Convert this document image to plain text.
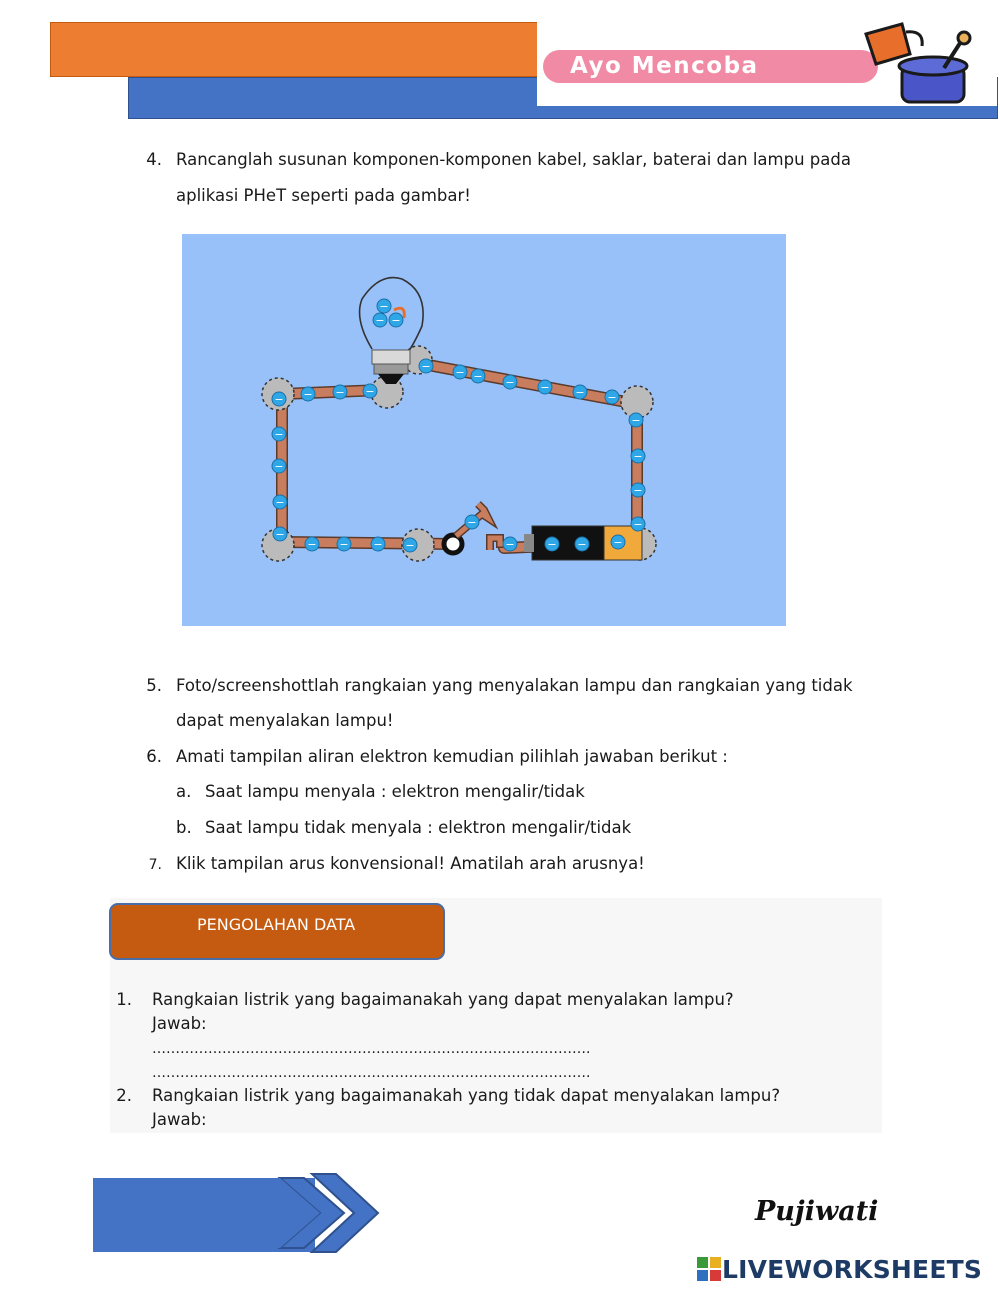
Ayo Mencoba
4. Rancanglah susunan komponen-komponen kabel, saklar, baterai dan lampu pada
aplikasi PHeT seperti pada gambar!
−
−
−
−
−
− − −
− − − −
−
− −
− − − − − − −
−
−
−
−
−	− − −
−
5. Foto/screenshottlah rangkaian yang menyalakan lampu dan rangkaian yang tidak
dapat menyalakan lampu!
6. Amati tampilan aliran elektron kemudian pilihlah jawaban berikut :
a. Saat lampu menyala : elektron mengalir/tidak
b. Saat lampu tidak menyala : elektron mengalir/tidak
7. Klik tampilan arus konvensional! Amatilah arah arusnya!
PENGOLAHAN DATA
1. Rangkaian listrik yang bagaimanakah yang dapat menyalakan lampu?
Jawab:
………………………………………………………………………………….
………………………………………………………………………………….
2. Rangkaian listrik yang bagaimanakah yang tidak dapat menyalakan lampu?
Jawab:
Pujiwati
LIVEWORKSHEETS
